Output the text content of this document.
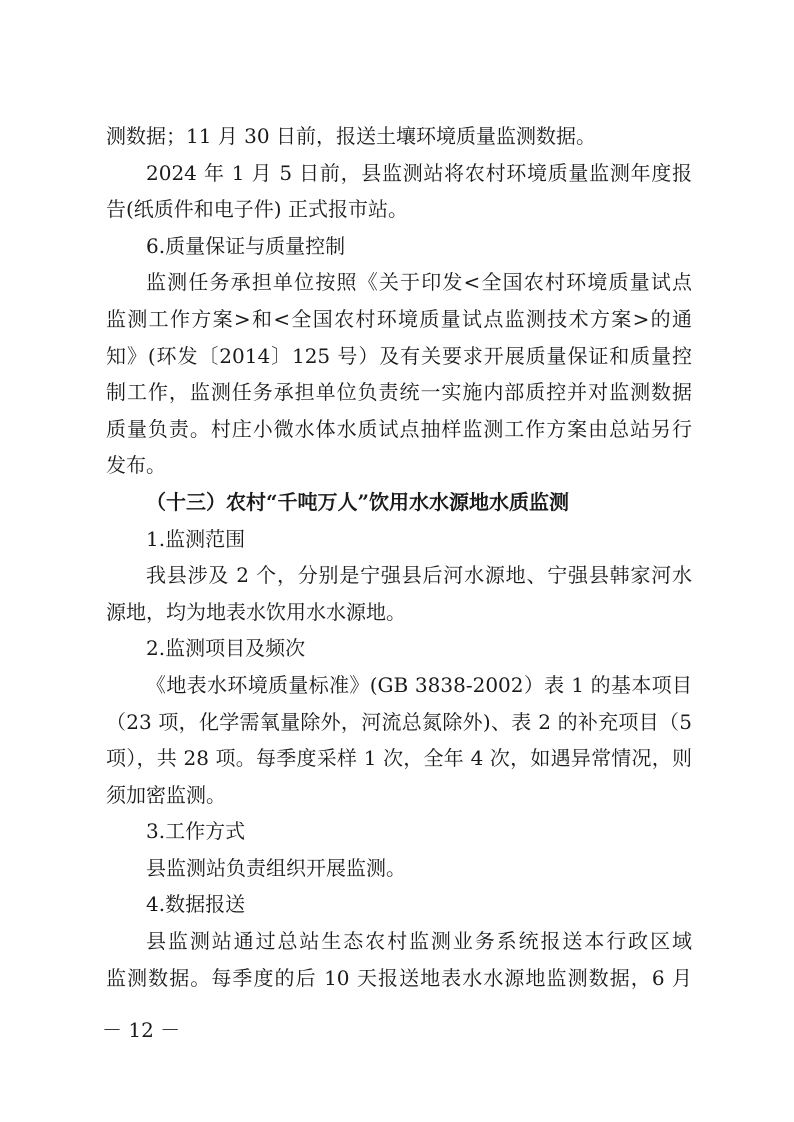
测数据；11 月 30 日前，报送土壤环境质量监测数据。
2024 年 1 月 5 日前，县监测站将农村环境质量监测年度报
告(纸质件和电子件) 正式报市站。
6.质量保证与质量控制
监测任务承担单位按照《关于印发<全国农村环境质量试点
监测工作方案>和<全国农村环境质量试点监测技术方案>的通
知》(环发〔2014〕125 号）及有关要求开展质量保证和质量控
制工作，监测任务承担单位负责统一实施内部质控并对监测数据
质量负责。村庄小微水体水质试点抽样监测工作方案由总站另行
发布。
（十三）农村“千吨万人”饮用水水源地水质监测
1.监测范围
我县涉及 2 个，分别是宁强县后河水源地、宁强县韩家河水
源地，均为地表水饮用水水源地。
2.监测项目及频次
《地表水环境质量标准》(GB 3838-2002）表 1 的基本项目
（23 项，化学需氧量除外，河流总氮除外)、表 2 的补充项目（5
项），共 28 项。每季度采样 1 次，全年 4 次，如遇异常情况，则
须加密监测。
3.工作方式
县监测站负责组织开展监测。
4.数据报送
县监测站通过总站生态农村监测业务系统报送本行政区域
监测数据。每季度的后 10 天报送地表水水源地监测数据，6 月
－ 12 －
